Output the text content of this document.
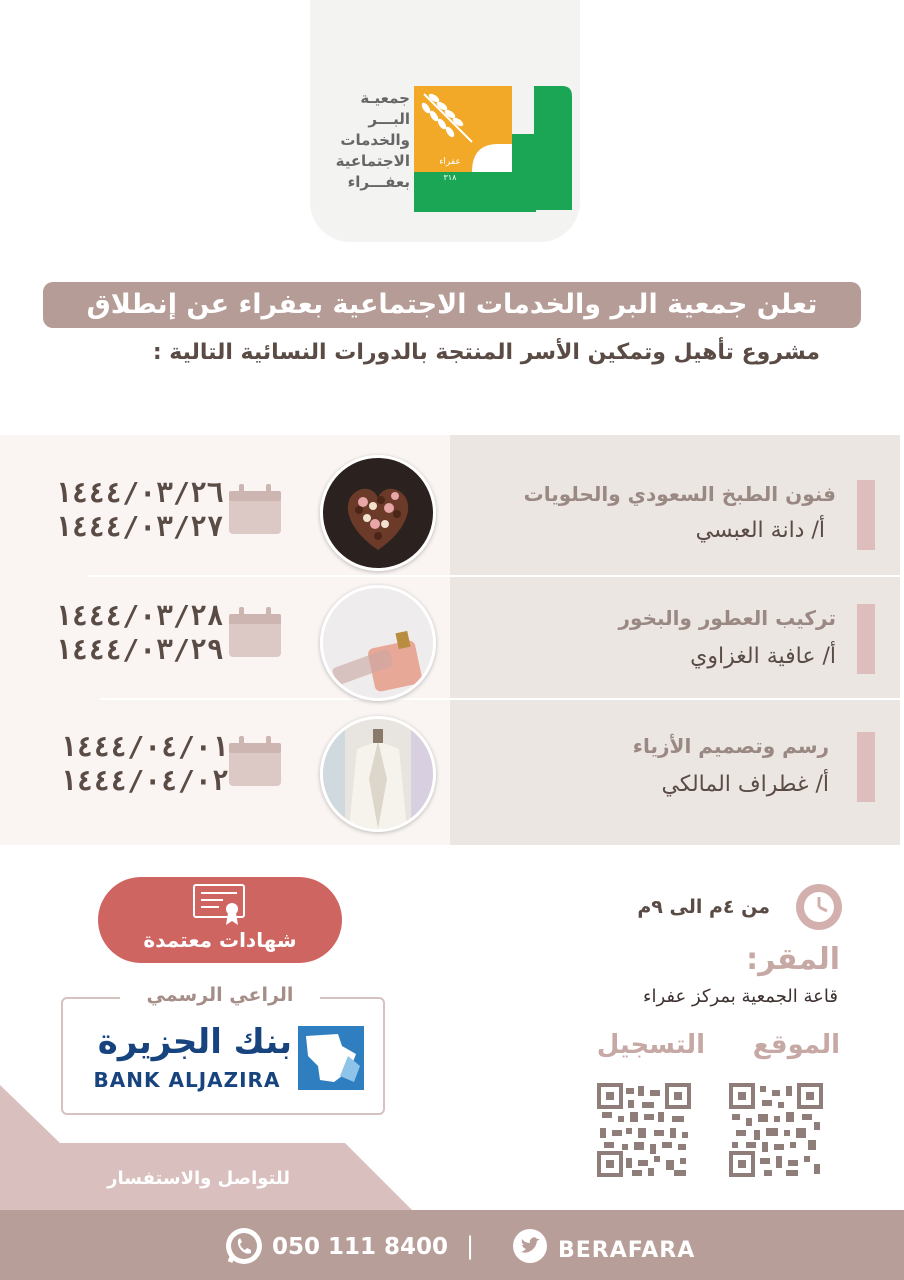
جمعيـة
البـــر
والخدمات
الاجتماعية
بعفـــراء
عفراء
٣١٨
تعلن جمعية البر والخدمات الاجتماعية بعفراء عن إنطلاق
مشروع تأهيل وتمكين الأسر المنتجة بالدورات النسائية التالية :
فنون الطبخ السعودي والحلويات
أ/ دانة العبسي
١٤٤٤/٠٣/٢٦
١٤٤٤/٠٣/٢٧
تركيب العطور والبخور
أ/ عافية الغزاوي
١٤٤٤/٠٣/٢٨
١٤٤٤/٠٣/٢٩
رسم وتصميم الأزياء
أ/ غطراف المالكي
١٤٤٤/٠٤/٠١
١٤٤٤/٠٤/٠٢
شهادات معتمدة
الراعي الرسمي
بنك الجزيرة
BANK ALJAZIRA
للتواصل والاستفسار
من ٤م الى ٩م
المقر:
قاعة الجمعية بمركز عفراء
الموقع
التسجيل
050 111 8400 |	BERAFARA
